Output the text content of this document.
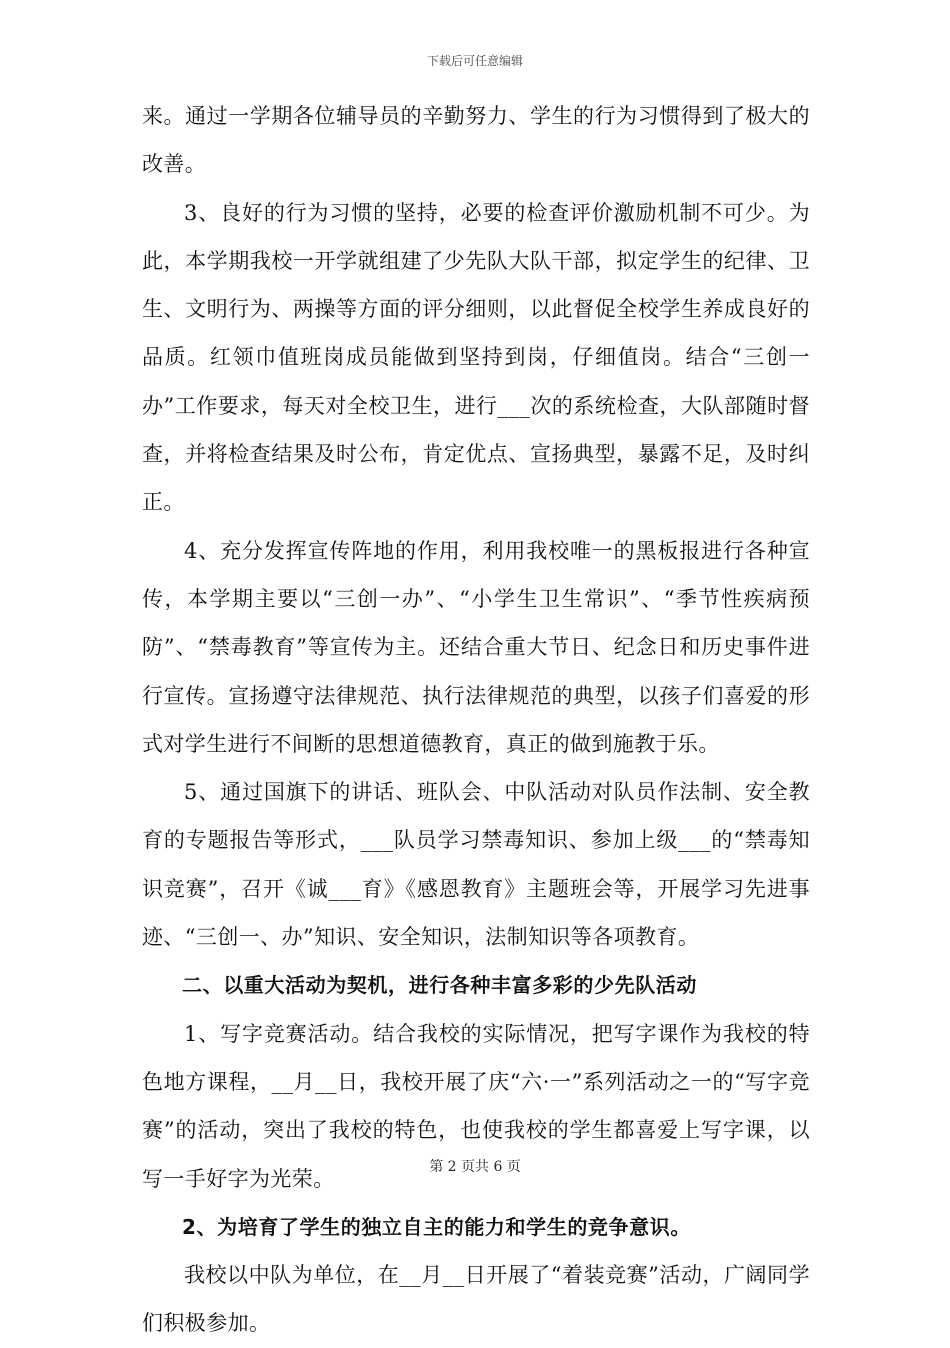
下载后可任意编辑

来。通过一学期各位辅导员的辛勤努力、学生的行为习惯得到了极大的改善。

3、良好的行为习惯的坚持，必要的检查评价激励机制不可少。为此，本学期我校一开学就组建了少先队大队干部，拟定学生的纪律、卫生、文明行为、两操等方面的评分细则，以此督促全校学生养成良好的品质。红领巾值班岗成员能做到坚持到岗，仔细值岗。结合“三创一办”工作要求，每天对全校卫生，进行___次的系统检查，大队部随时督查，并将检查结果及时公布，肯定优点、宣扬典型，暴露不足，及时纠正。

4、充分发挥宣传阵地的作用，利用我校唯一的黑板报进行各种宣传，本学期主要以“三创一办”、“小学生卫生常识”、“季节性疾病预防”、“禁毒教育”等宣传为主。还结合重大节日、纪念日和历史事件进行宣传。宣扬遵守法律规范、执行法律规范的典型，以孩子们喜爱的形式对学生进行不间断的思想道德教育，真正的做到施教于乐。

5、通过国旗下的讲话、班队会、中队活动对队员作法制、安全教育的专题报告等形式，___队员学习禁毒知识、参加上级___的“禁毒知识竞赛”，召开《诚___育》《感恩教育》主题班会等，开展学习先进事迹、“三创一、办”知识、安全知识，法制知识等各项教育。

二、以重大活动为契机，进行各种丰富多彩的少先队活动

1、写字竞赛活动。结合我校的实际情况，把写字课作为我校的特色地方课程，__月__日，我校开展了庆“六·一”系列活动之一的“写字竞赛”的活动，突出了我校的特色，也使我校的学生都喜爱上写字课，以写一手好字为光荣。

2、为培育了学生的独立自主的能力和学生的竞争意识。

我校以中队为单位，在__月__日开展了“着装竞赛”活动，广阔同学们积极参加。

第 2 页共 6 页
